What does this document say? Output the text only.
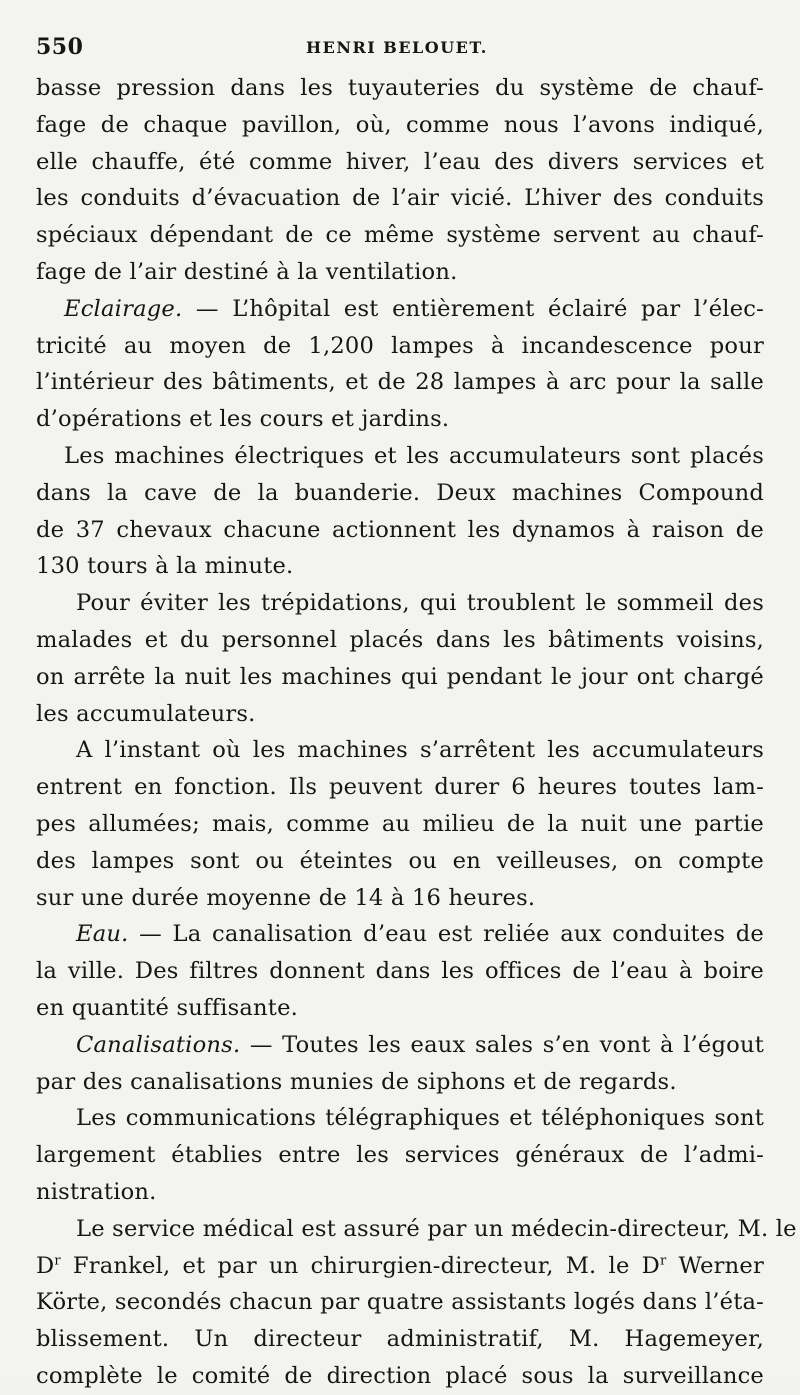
550	HENRI BELOUET.
basse pression dans les tuyauteries du système de chauf-
fage de chaque pavillon, où, comme nous l’avons indiqué,
elle chauffe, été comme hiver, l’eau des divers services et
les conduits d’évacuation de l’air vicié. L’hiver des conduits
spéciaux dépendant de ce même système servent au chauf-
fage de l’air destiné à la ventilation.
Eclairage. — L’hôpital est entièrement éclairé par l’élec-
tricité au moyen de 1,200 lampes à incandescence pour
l’intérieur des bâtiments, et de 28 lampes à arc pour la salle
d’opérations et les cours et jardins.
Les machines électriques et les accumulateurs sont placés
dans la cave de la buanderie. Deux machines Compound
de 37 chevaux chacune actionnent les dynamos à raison de
130 tours à la minute.
Pour éviter les trépidations, qui troublent le sommeil des
malades et du personnel placés dans les bâtiments voisins,
on arrête la nuit les machines qui pendant le jour ont chargé
les accumulateurs.
A l’instant où les machines s’arrêtent les accumulateurs
entrent en fonction. Ils peuvent durer 6 heures toutes lam-
pes allumées; mais, comme au milieu de la nuit une partie
des lampes sont ou éteintes ou en veilleuses, on compte
sur une durée moyenne de 14 à 16 heures.
Eau. — La canalisation d’eau est reliée aux conduites de
la ville. Des filtres donnent dans les offices de l’eau à boire
en quantité suffisante.
Canalisations. — Toutes les eaux sales s’en vont à l’égout
par des canalisations munies de siphons et de regards.
Les communications télégraphiques et téléphoniques sont
largement établies entre les services généraux de l’admi-
nistration.
Le service médical est assuré par un médecin-directeur, M. le
$D^r$ Frankel, et par un chirurgien-directeur, M. le $D^r$ Werner
Körte, secondés chacun par quatre assistants logés dans l’éta-
blissement. Un directeur administratif, M. Hagemeyer,
complète le comité de direction placé sous la surveillance
